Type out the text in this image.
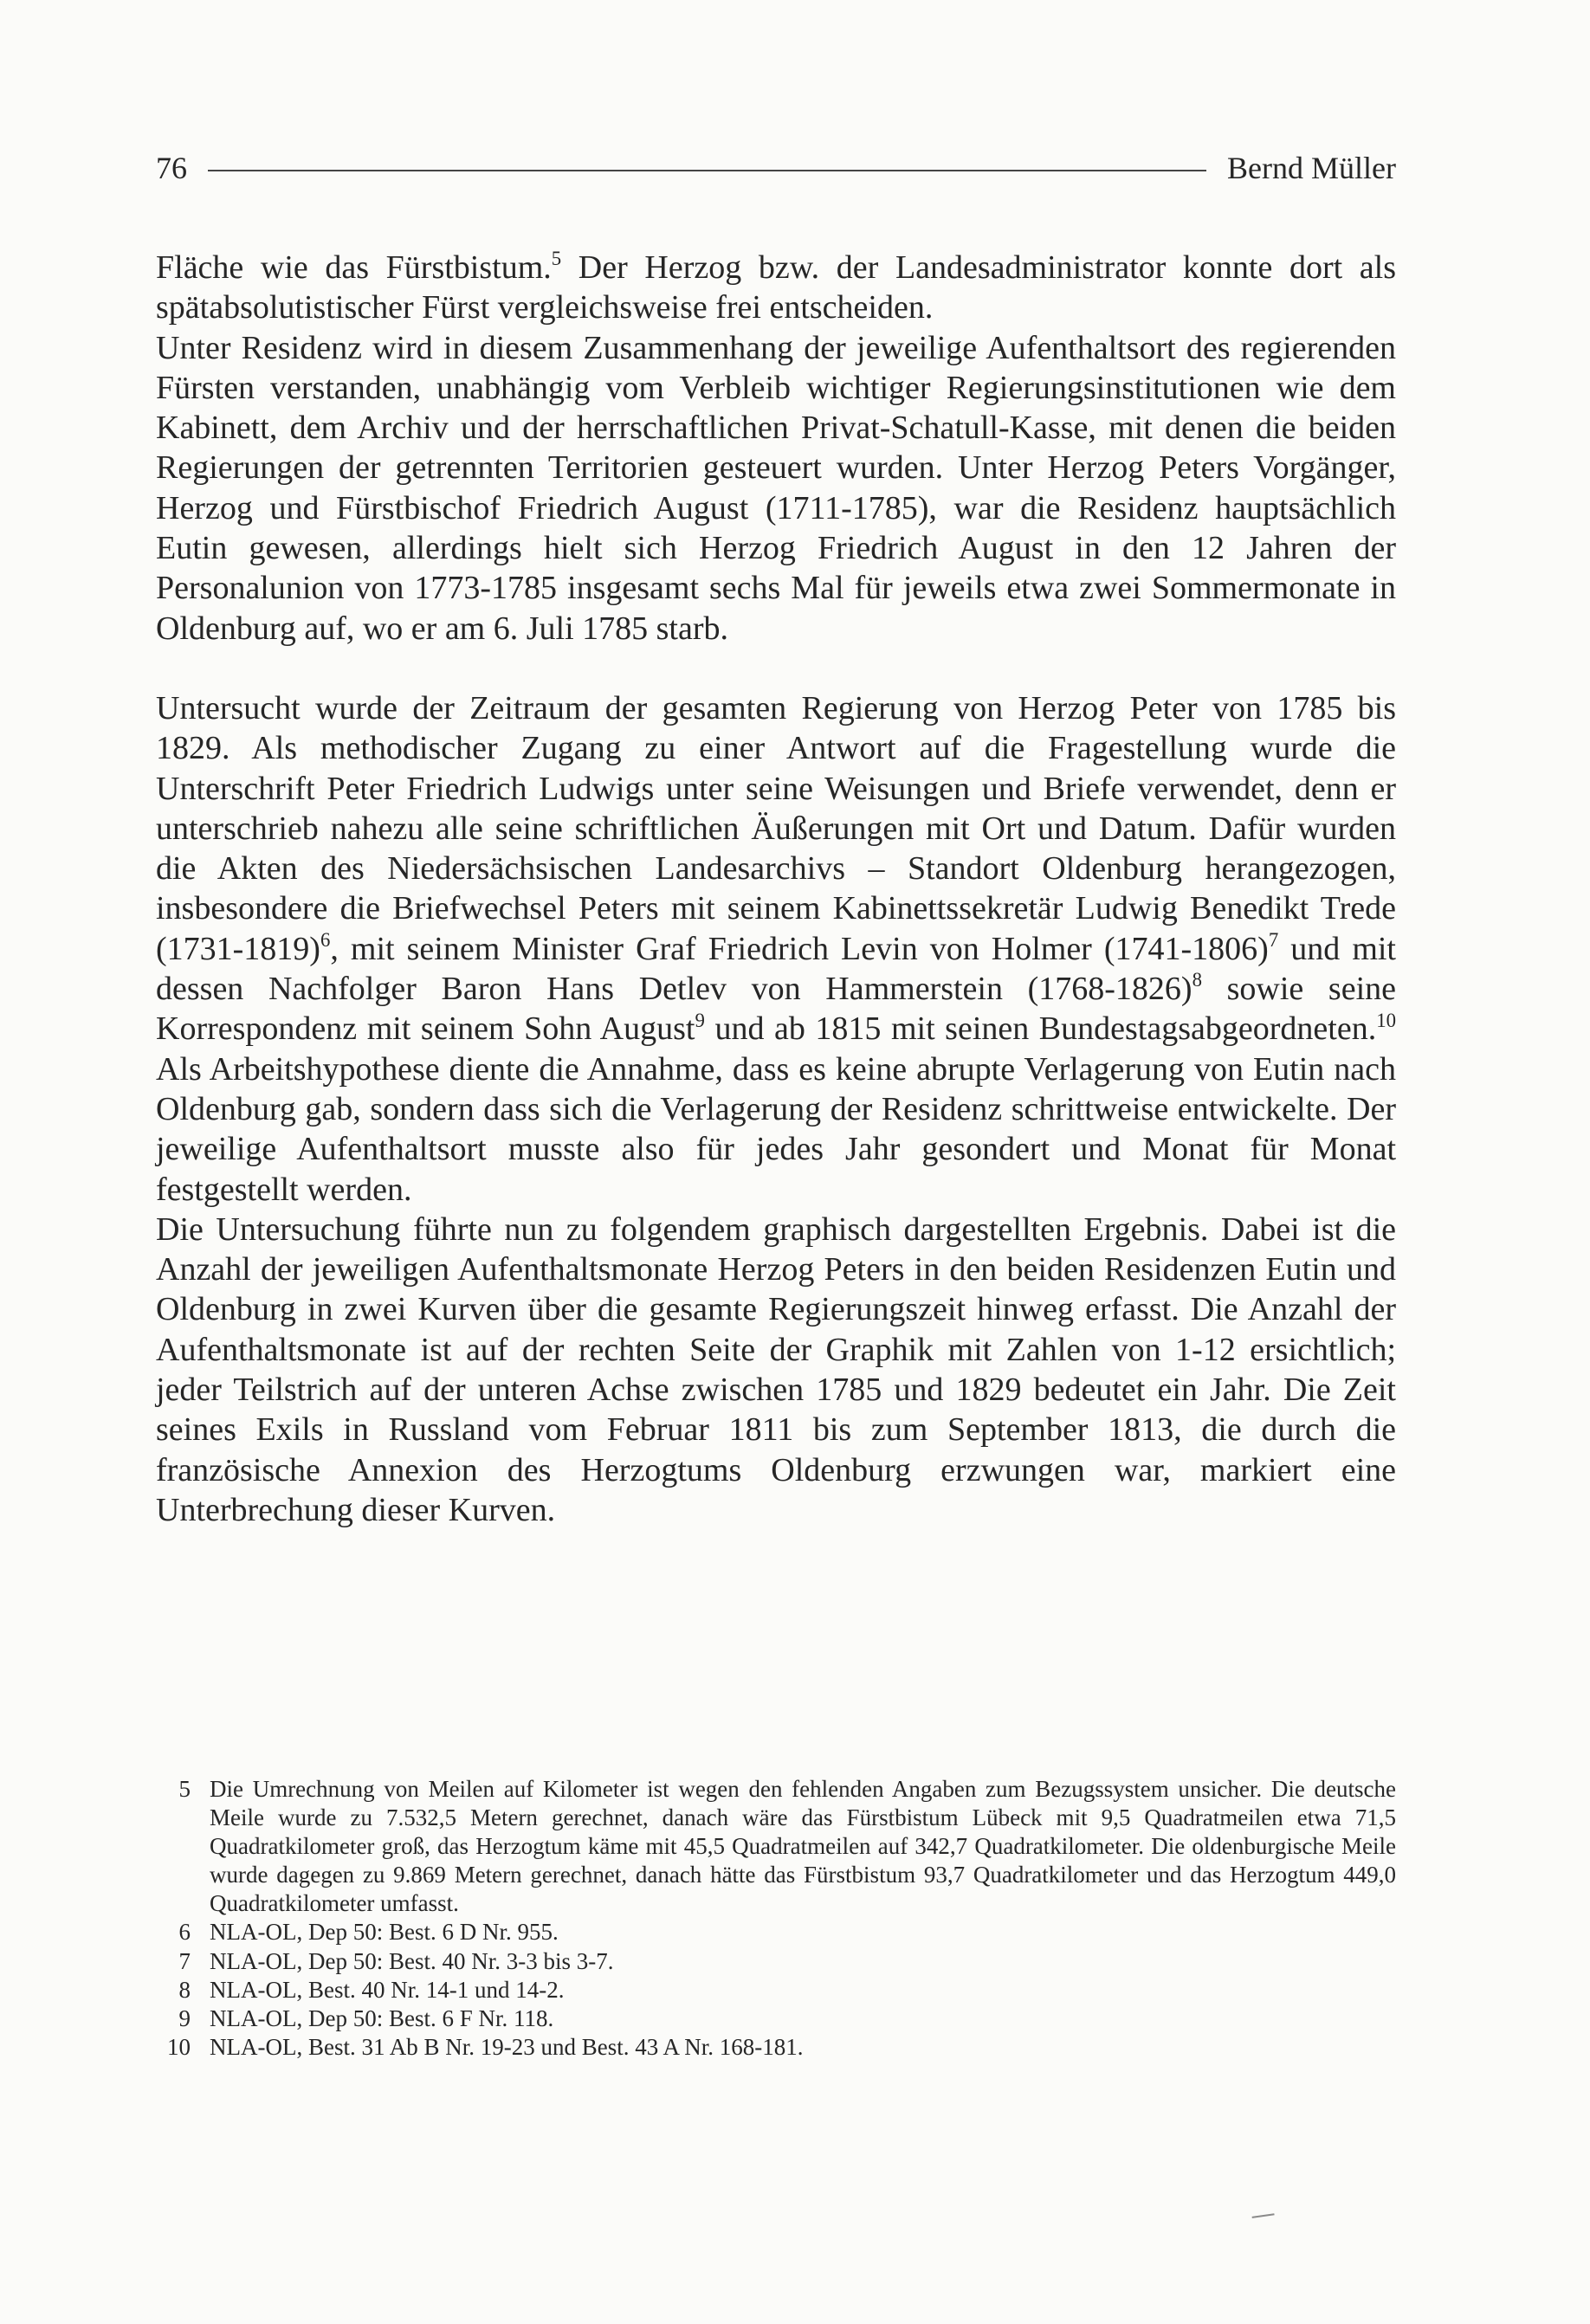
76	Bernd Müller

Fläche wie das Fürstbistum.$^5$ Der Herzog bzw. der Landesadministrator konnte dort als spätabsolutistischer Fürst vergleichsweise frei entscheiden.

Unter Residenz wird in diesem Zusammenhang der jeweilige Aufenthaltsort des regierenden Fürsten verstanden, unabhängig vom Verbleib wichtiger Regierungsinstitutionen wie dem Kabinett, dem Archiv und der herrschaftlichen Privat-Schatull-Kasse, mit denen die beiden Regierungen der getrennten Territorien gesteuert wurden. Unter Herzog Peters Vorgänger, Herzog und Fürstbischof Friedrich August (1711-1785), war die Residenz hauptsächlich Eutin gewesen, allerdings hielt sich Herzog Friedrich August in den 12 Jahren der Personalunion von 1773-1785 insgesamt sechs Mal für jeweils etwa zwei Sommermonate in Oldenburg auf, wo er am 6. Juli 1785 starb.

Untersucht wurde der Zeitraum der gesamten Regierung von Herzog Peter von 1785 bis 1829. Als methodischer Zugang zu einer Antwort auf die Fragestellung wurde die Unterschrift Peter Friedrich Ludwigs unter seine Weisungen und Briefe verwendet, denn er unterschrieb nahezu alle seine schriftlichen Äußerungen mit Ort und Datum. Dafür wurden die Akten des Niedersächsischen Landesarchivs – Standort Oldenburg herangezogen, insbesondere die Briefwechsel Peters mit seinem Kabinettssekretär Ludwig Benedikt Trede (1731-1819)$^6$, mit seinem Minister Graf Friedrich Levin von Holmer (1741-1806)$^7$ und mit dessen Nachfolger Baron Hans Detlev von Hammerstein (1768-1826)$^8$ sowie seine Korrespondenz mit seinem Sohn August$^9$ und ab 1815 mit seinen Bundestagsabgeordneten.$^{10}$ Als Arbeitshypothese diente die Annahme, dass es keine abrupte Verlagerung von Eutin nach Oldenburg gab, sondern dass sich die Verlagerung der Residenz schrittweise entwickelte. Der jeweilige Aufenthaltsort musste also für jedes Jahr gesondert und Monat für Monat festgestellt werden.

Die Untersuchung führte nun zu folgendem graphisch dargestellten Ergebnis. Dabei ist die Anzahl der jeweiligen Aufenthaltsmonate Herzog Peters in den beiden Residenzen Eutin und Oldenburg in zwei Kurven über die gesamte Regierungszeit hinweg erfasst. Die Anzahl der Aufenthaltsmonate ist auf der rechten Seite der Graphik mit Zahlen von 1-12 ersichtlich; jeder Teilstrich auf der unteren Achse zwischen 1785 und 1829 bedeutet ein Jahr. Die Zeit seines Exils in Russland vom Februar 1811 bis zum September 1813, die durch die französische Annexion des Herzogtums Oldenburg erzwungen war, markiert eine Unterbrechung dieser Kurven.

5 Die Umrechnung von Meilen auf Kilometer ist wegen den fehlenden Angaben zum Bezugssystem unsicher. Die deutsche Meile wurde zu 7.532,5 Metern gerechnet, danach wäre das Fürstbistum Lübeck mit 9,5 Quadratmeilen etwa 71,5 Quadratkilometer groß, das Herzogtum käme mit 45,5 Quadratmeilen auf 342,7 Quadratkilometer. Die oldenburgische Meile wurde dagegen zu 9.869 Metern gerechnet, danach hätte das Fürstbistum 93,7 Quadratkilometer und das Herzogtum 449,0 Quadratkilometer umfasst.
6 NLA-OL, Dep 50: Best. 6 D Nr. 955.
7 NLA-OL, Dep 50: Best. 40 Nr. 3-3 bis 3-7.
8 NLA-OL, Best. 40 Nr. 14-1 und 14-2.
9 NLA-OL, Dep 50: Best. 6 F Nr. 118.
10 NLA-OL, Best. 31 Ab B Nr. 19-23 und Best. 43 A Nr. 168-181.
